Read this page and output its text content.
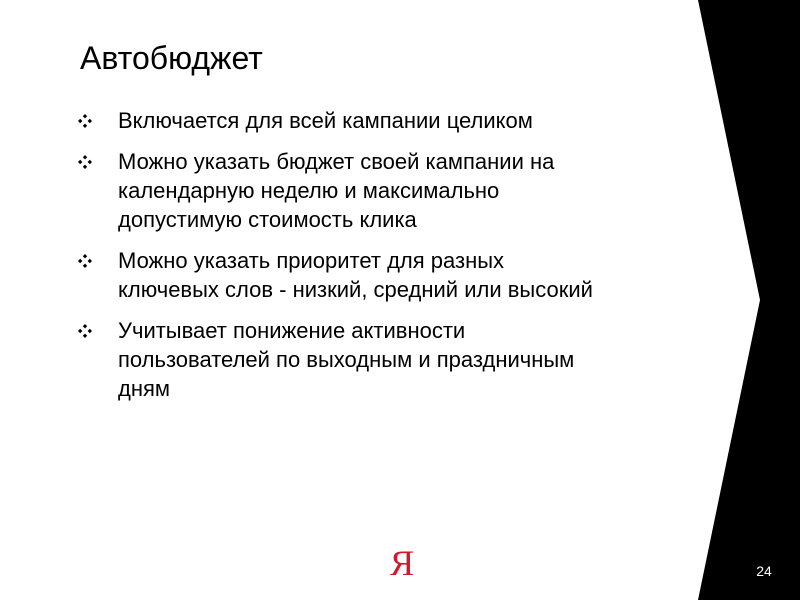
Автобюджет
Включается для всей кампании целиком
Можно указать бюджет своей кампании на
календарную неделю и максимально
допустимую стоимость клика
Можно указать приоритет для разных
ключевых слов - низкий, средний или высокий
Учитывает понижение активности
пользователей по выходным и праздничным
дням
Я	24
